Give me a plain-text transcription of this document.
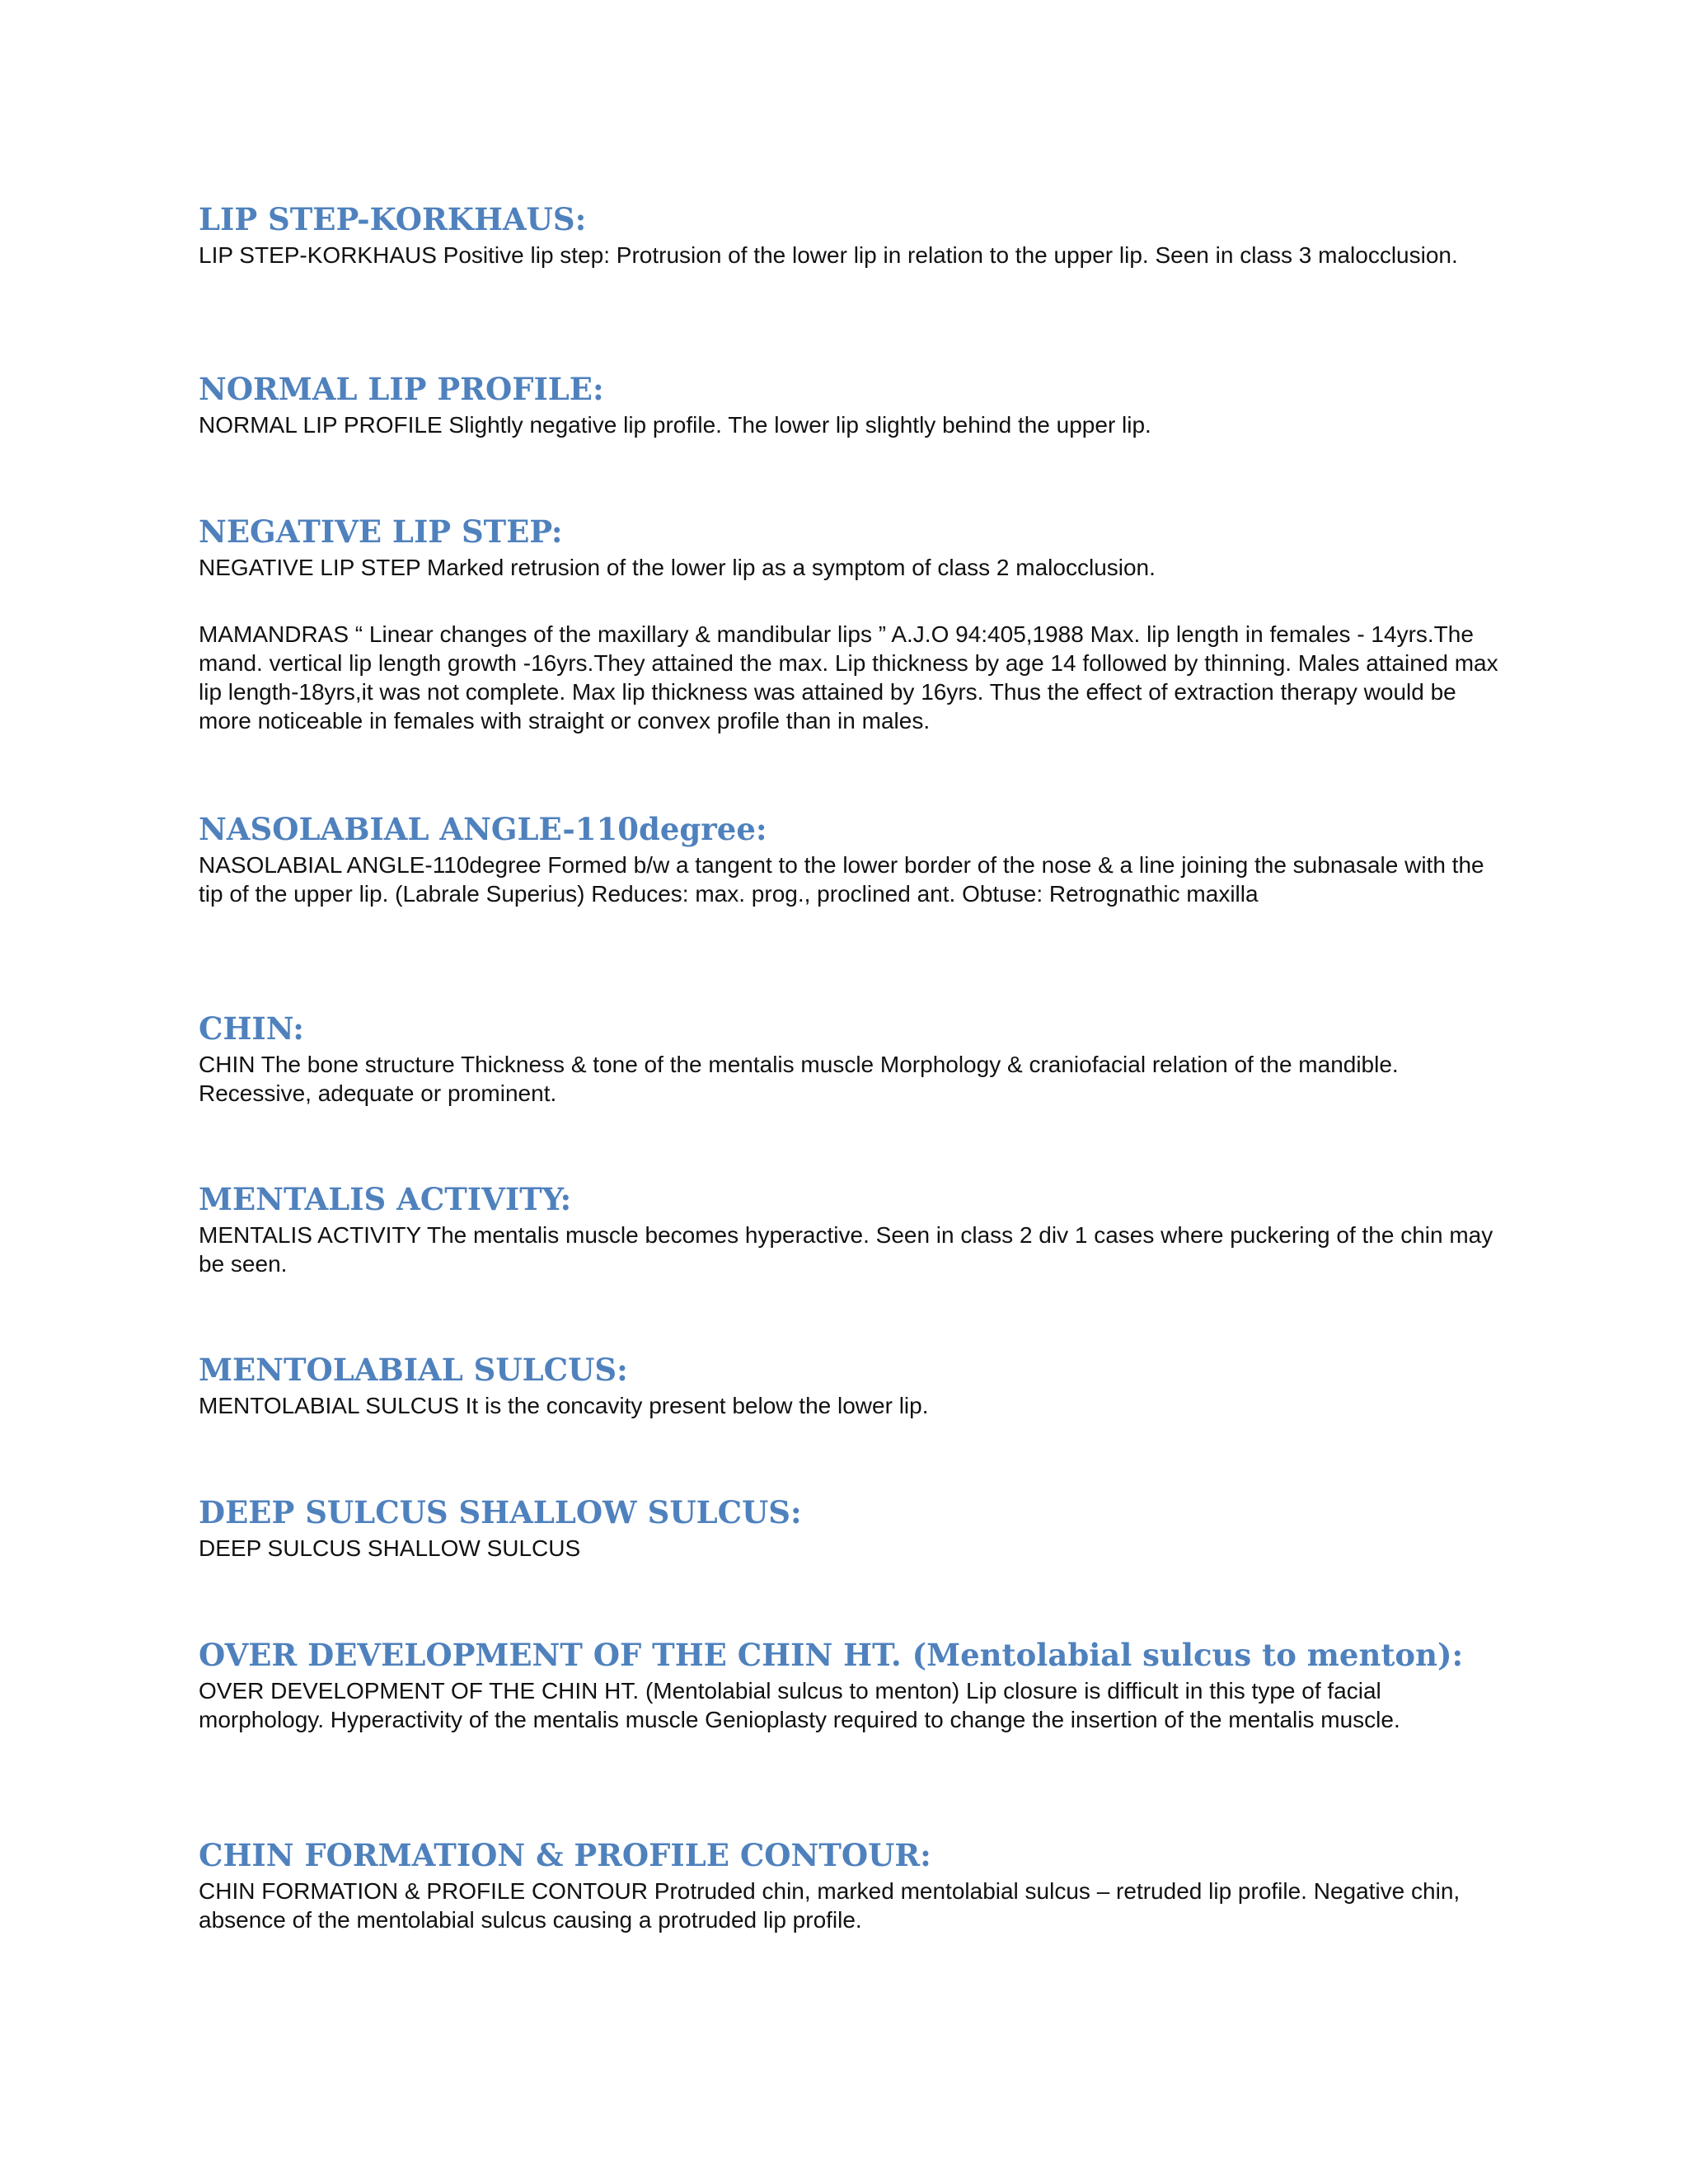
LIP STEP-KORKHAUS:

LIP STEP-KORKHAUS Positive lip step: Protrusion of the lower lip in relation to the upper lip. Seen in class 3 malocclusion.

NORMAL LIP PROFILE:

NORMAL LIP PROFILE Slightly negative lip profile. The lower lip slightly behind the upper lip.

NEGATIVE LIP STEP:

NEGATIVE LIP STEP Marked retrusion of the lower lip as a symptom of class 2 malocclusion.

MAMANDRAS “ Linear changes of the maxillary & mandibular lips ” A.J.O 94:405,1988 Max. lip length in females - 14yrs.The mand. vertical lip length growth -16yrs.They attained the max. Lip thickness by age 14 followed by thinning. Males attained max lip length-18yrs,it was not complete. Max lip thickness was attained by 16yrs. Thus the effect of extraction therapy would be more noticeable in females with straight or convex profile than in males.

NASOLABIAL ANGLE-110degree:

NASOLABIAL ANGLE-110degree Formed b/w a tangent to the lower border of the nose & a line joining the subnasale with the tip of the upper lip. (Labrale Superius) Reduces: max. prog., proclined ant. Obtuse: Retrognathic maxilla

CHIN:

CHIN The bone structure Thickness & tone of the mentalis muscle Morphology & craniofacial relation of the mandible. Recessive, adequate or prominent.

MENTALIS ACTIVITY:

MENTALIS ACTIVITY The mentalis muscle becomes hyperactive. Seen in class 2 div 1 cases where puckering of the chin may be seen.

MENTOLABIAL SULCUS:

MENTOLABIAL SULCUS It is the concavity present below the lower lip.

DEEP SULCUS SHALLOW SULCUS:

DEEP SULCUS SHALLOW SULCUS

OVER DEVELOPMENT OF THE CHIN HT. (Mentolabial sulcus to menton):

OVER DEVELOPMENT OF THE CHIN HT. (Mentolabial sulcus to menton) Lip closure is difficult in this type of facial morphology. Hyperactivity of the mentalis muscle Genioplasty required to change the insertion of the mentalis muscle.

CHIN FORMATION & PROFILE CONTOUR:

CHIN FORMATION & PROFILE CONTOUR Protruded chin, marked mentolabial sulcus – retruded lip profile. Negative chin, absence of the mentolabial sulcus causing a protruded lip profile.
